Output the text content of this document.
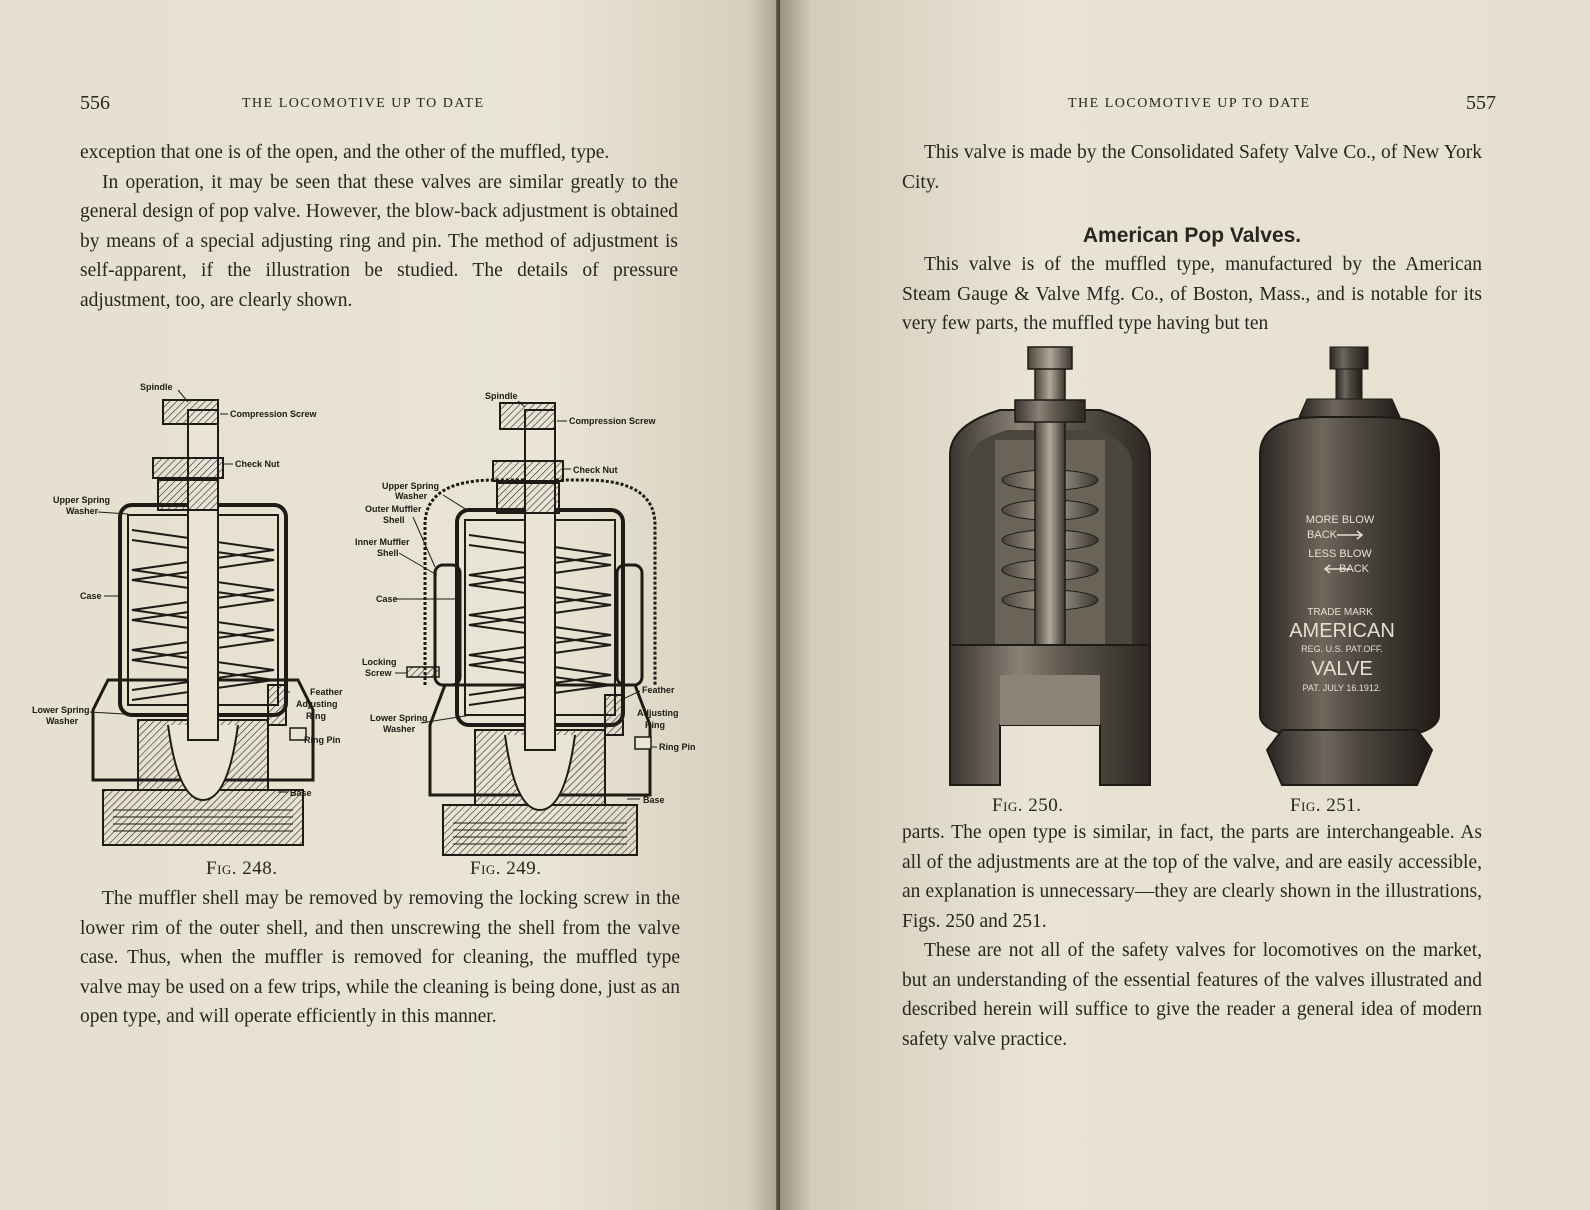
556	THE LOCOMOTIVE UP TO DATE

exception that one is of the open, and the other of the muffled, type.

In operation, it may be seen that these valves are similar greatly to the general design of pop valve. However, the blow-back adjustment is obtained by means of a special adjusting ring and pin. The method of adjustment is self-apparent, if the illustration be studied. The details of pressure adjustment, too, are clearly shown.

Spindle
Compression Screw
Check Nut
Upper Spring
Washer
Case
Feather
Adjusting
Ring
Lower Spring
Washer
Ring Pin
Base
Fig. 248.
Spindle
Compression Screw
Check Nut
Upper Spring
Washer
Outer Muffler
Shell
Inner Muffler
Shell
Case
Locking
Screw
Feather
Adjusting
Ring
Lower Spring
Washer
Ring Pin
Base
Fig. 249.

The muffler shell may be removed by removing the locking screw in the lower rim of the outer shell, and then unscrewing the shell from the valve case. Thus, when the muffler is removed for cleaning, the muffled type valve may be used on a few trips, while the cleaning is being done, just as an open type, and will operate efficiently in this manner.

THE LOCOMOTIVE UP TO DATE	557

This valve is made by the Consolidated Safety Valve Co., of New York City.

American Pop Valves.

This valve is of the muffled type, manufactured by the American Steam Gauge & Valve Mfg. Co., of Boston, Mass., and is notable for its very few parts, the muffled type having but ten

Fig. 250.
MORE BLOW
BACK
LESS BLOW
BACK
TRADE MARK
AMERICAN
REG. U.S. PAT.OFF.
VALVE
PAT. JULY 16.1912.
Fig. 251.

parts. The open type is similar, in fact, the parts are interchangeable. As all of the adjustments are at the top of the valve, and are easily accessible, an explanation is unnecessary—they are clearly shown in the illustrations, Figs. 250 and 251.

These are not all of the safety valves for locomotives on the market, but an understanding of the essential features of the valves illustrated and described herein will suffice to give the reader a general idea of modern safety valve practice.
